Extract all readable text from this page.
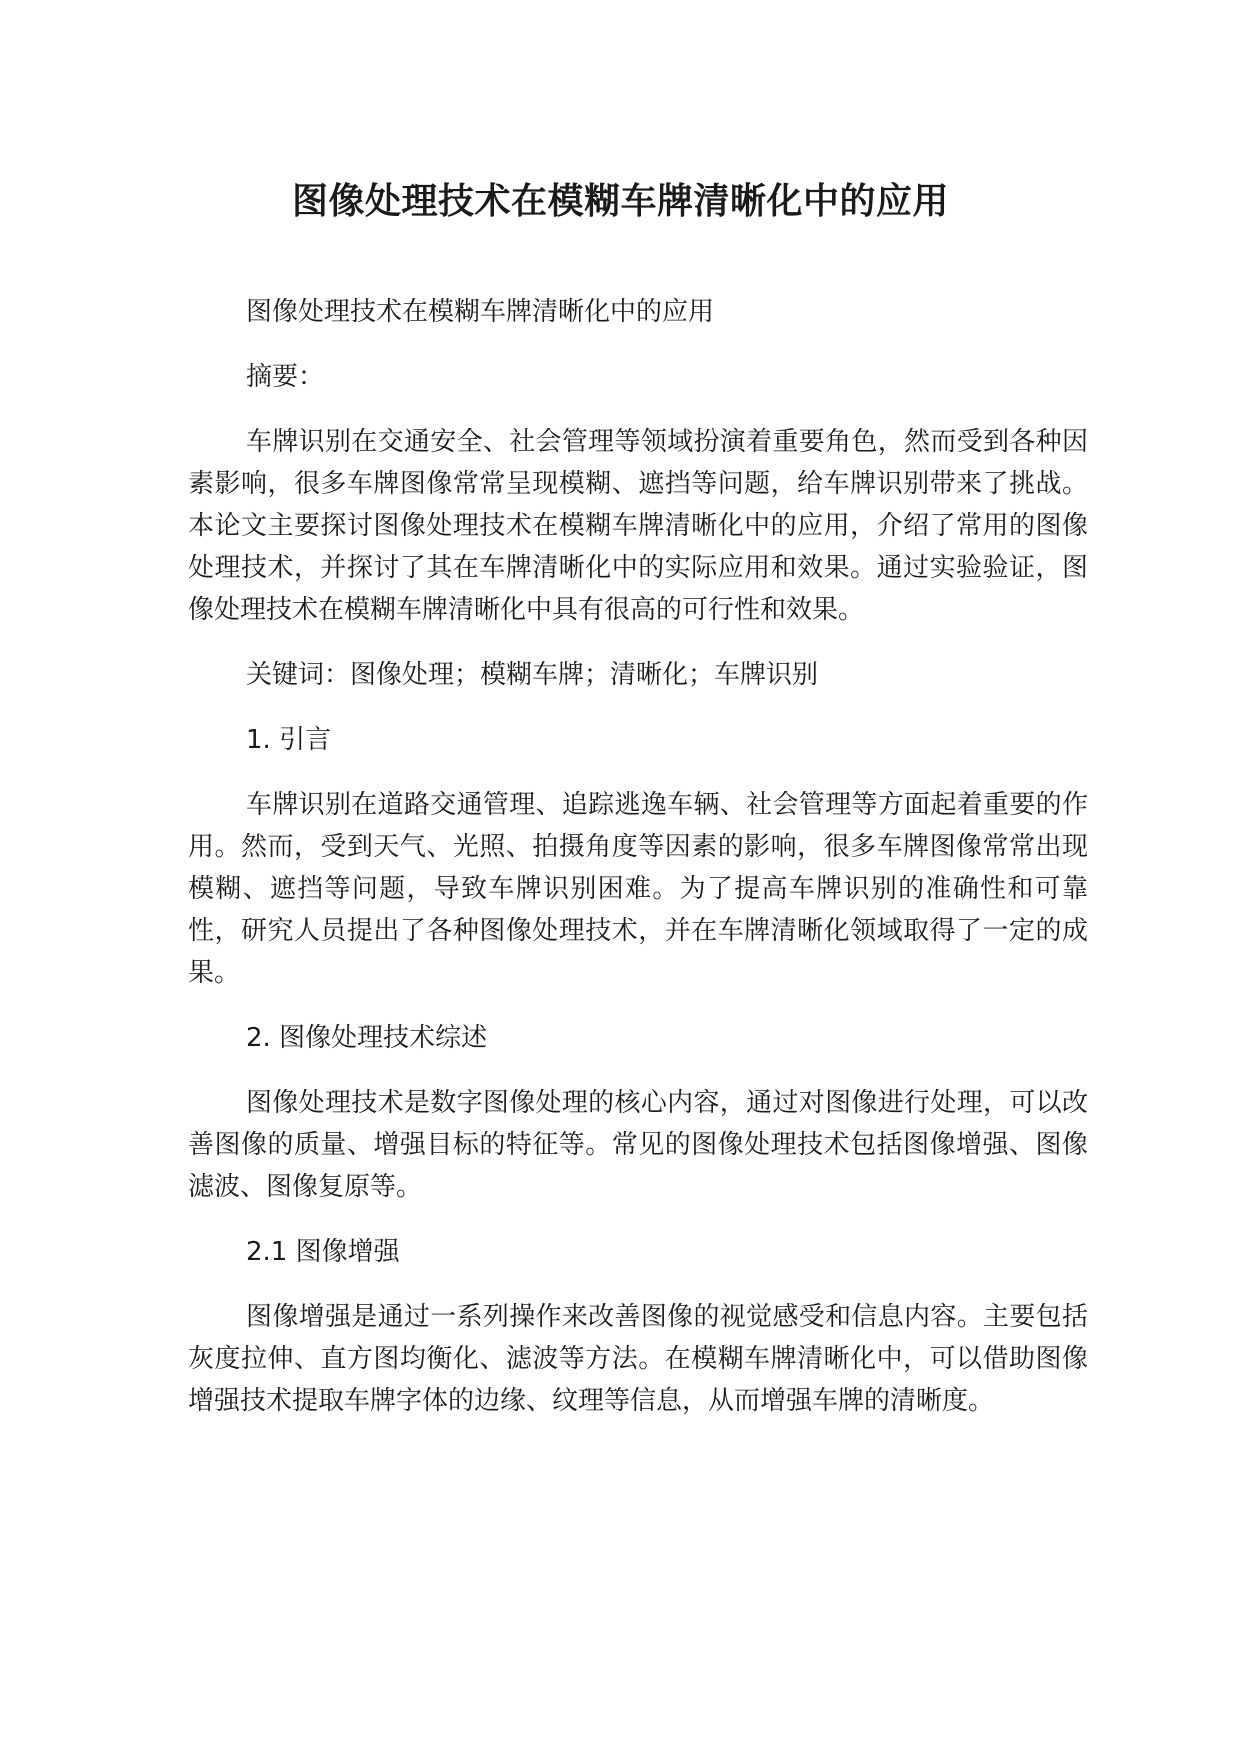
图像处理技术在模糊车牌清晰化中的应用

图像处理技术在模糊车牌清晰化中的应用

摘要：

车牌识别在交通安全、社会管理等领域扮演着重要角色，然而受到各种因素影响，很多车牌图像常常呈现模糊、遮挡等问题，给车牌识别带来了挑战。本论文主要探讨图像处理技术在模糊车牌清晰化中的应用，介绍了常用的图像处理技术，并探讨了其在车牌清晰化中的实际应用和效果。通过实验验证，图像处理技术在模糊车牌清晰化中具有很高的可行性和效果。

关键词：图像处理；模糊车牌；清晰化；车牌识别

1. 引言

车牌识别在道路交通管理、追踪逃逸车辆、社会管理等方面起着重要的作用。然而，受到天气、光照、拍摄角度等因素的影响，很多车牌图像常常出现模糊、遮挡等问题，导致车牌识别困难。为了提高车牌识别的准确性和可靠性，研究人员提出了各种图像处理技术，并在车牌清晰化领域取得了一定的成果。

2. 图像处理技术综述

图像处理技术是数字图像处理的核心内容，通过对图像进行处理，可以改善图像的质量、增强目标的特征等。常见的图像处理技术包括图像增强、图像滤波、图像复原等。

2.1 图像增强

图像增强是通过一系列操作来改善图像的视觉感受和信息内容。主要包括灰度拉伸、直方图均衡化、滤波等方法。在模糊车牌清晰化中，可以借助图像增强技术提取车牌字体的边缘、纹理等信息，从而增强车牌的清晰度。
